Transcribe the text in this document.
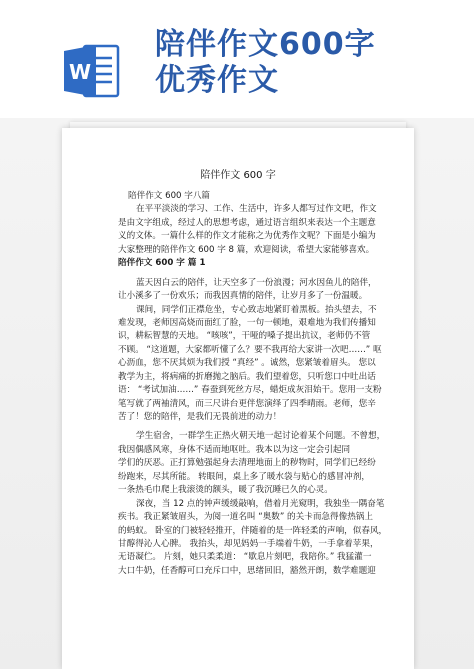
W
陪伴作文600字
优秀作文
陪伴作文 600 字
陪伴作文 600 字八篇
在平平淡淡的学习、工作、生活中，许多人都写过作文吧，作文
是由文字组成，经过人的思想考虑，通过语言组织来表达一个主题意
义的文体。一篇什么样的作文才能称之为优秀作文呢？下面是小编为
大家整理的陪伴作文 600 字 8 篇，欢迎阅读，希望大家能够喜欢。
陪伴作文 600 字 篇 1
蓝天因白云的陪伴，让天空多了一份浪漫；河水因鱼儿的陪伴，
让小溪多了一份欢乐；而我因真情的陪伴，让岁月多了一份温暖。
课间，同学们正襟危坐，专心致志地紧盯着黑板。抬头望去，不
难发现，老师因高烧而面红了脸，一句一顿地，艰难地为我们传播知
识，耕耘智慧的天地。 “咳咳”，干哑的嗓子提出抗议，老师仍不管
不顾。 “这道题，大家都听懂了么？要不我再给大家讲一次吧……” 呕
心沥血，您不厌其烦为我们授 “真经” 。诚然，您紧皱着眉头。 您以
教学为主，将病痛的折磨抛之脑后。我们望着您，只听您口中吐出话
语： “考试加油……” 春蚕到死丝方尽，蜡炬成灰泪始干。您用一支粉
笔写就了两袖清风，而三尺讲台更伴您演绎了四季晴雨。老师，您辛
苦了！您的陪伴，是我们无畏前进的动力！
学生宿舍，一群学生正热火朝天地一起讨论着某个问题。不曾想，
我因偶感风寒，身体不适而地呕吐。我本以为这一定会引起同
学们的厌恶。正打算勉强起身去清理地面上的秽物时，同学们已经纷
纷跑来，尽其所能。 转眼间，桌上多了暖水袋与贴心的感冒冲剂，
一条热毛巾爬上我滚烫的额头，暖了我沉睡已久的心灵。
深夜，当 12 点的钟声缓缓敲响，借着月光窥明，我独坐一隅奋笔
疾书。我正紧皱眉头，为阅一道名叫 “奥数” 的关卡而急得像热锅上
的蚂蚁。 卧室的门被轻轻推开，伴随着的是一阵轻柔的声响，似春风，
甘醇得沁人心脾。 我抬头，却见妈妈一手端着牛奶，一手拿着苹果，
无语凝伫。 片刻，她只柔柔道： “歇息片刻吧，我陪你。” 我猛灌一
大口牛奶，任香醇可口充斥口中，思绪回旧，豁然开朗，数学难题迎
